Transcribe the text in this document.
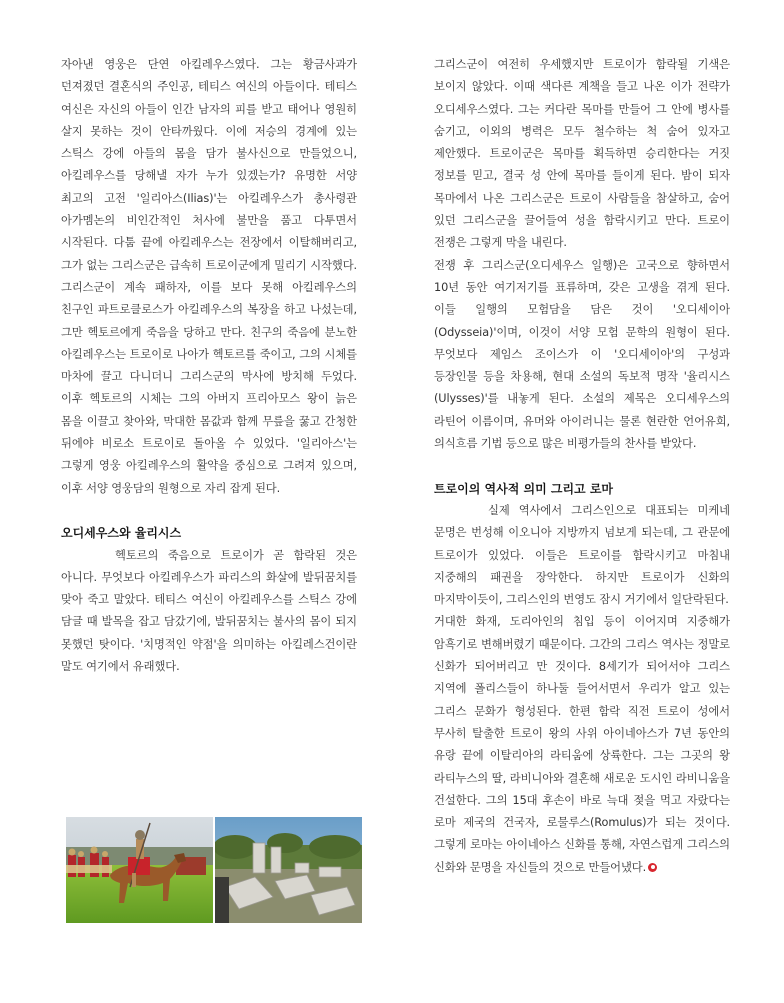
자아낸 영웅은 단연 아킬레우스였다. 그는 황금사과가 던져졌던 결혼식의 주인공, 테티스 여신의 아들이다. 테티스 여신은 자신의 아들이 인간 남자의 피를 받고 태어나 영원히 살지 못하는 것이 안타까웠다. 이에 저승의 경계에 있는 스틱스 강에 아들의 몸을 담가 불사신으로 만들었으니, 아킬레우스를 당해낼 자가 누가 있겠는가? 유명한 서양 최고의 고전 '일리아스(Ilias)'는 아킬레우스가 총사령관 아가멤논의 비인간적인 처사에 불만을 품고 다투면서 시작된다. 다툼 끝에 아킬레우스는 전장에서 이탈해버리고, 그가 없는 그리스군은 급속히 트로이군에게 밀리기 시작했다. 그리스군이 계속 패하자, 이를 보다 못해 아킬레우스의 친구인 파트로클로스가 아킬레우스의 복장을 하고 나섰는데, 그만 헥토르에게 죽음을 당하고 만다. 친구의 죽음에 분노한 아킬레우스는 트로이로 나아가 헥토르를 죽이고, 그의 시체를 마차에 끌고 다니더니 그리스군의 막사에 방치해 두었다. 이후 헥토르의 시체는 그의 아버지 프리아모스 왕이 늙은 몸을 이끌고 찾아와, 막대한 몸값과 함께 무릎을 꿇고 간청한 뒤에야 비로소 트로이로 돌아올 수 있었다. '일리아스'는 그렇게 영웅 아킬레우스의 활약을 중심으로 그려져 있으며, 이후 서양 영웅담의 원형으로 자리 잡게 된다.

오디세우스와 율리시스

헥토르의 죽음으로 트로이가 곧 함락된 것은 아니다. 무엇보다 아킬레우스가 파리스의 화살에 발뒤꿈치를 맞아 죽고 말았다. 테티스 여신이 아킬레우스를 스틱스 강에 담글 때 발목을 잡고 담갔기에, 발뒤꿈치는 불사의 몸이 되지 못했던 탓이다. '치명적인 약점'을 의미하는 아킬레스건이란 말도 여기에서 유래했다.

그리스군이 여전히 우세했지만 트로이가 함락될 기색은 보이지 않았다. 이때 색다른 계책을 들고 나온 이가 전략가 오디세우스였다. 그는 커다란 목마를 만들어 그 안에 병사를 숨기고, 이외의 병력은 모두 철수하는 척 숨어 있자고 제안했다. 트로이군은 목마를 획득하면 승리한다는 거짓 정보를 믿고, 결국 성 안에 목마를 들이게 된다. 밤이 되자 목마에서 나온 그리스군은 트로이 사람들을 참살하고, 숨어 있던 그리스군을 끌어들여 성을 함락시키고 만다. 트로이 전쟁은 그렇게 막을 내린다.

전쟁 후 그리스군(오디세우스 일행)은 고국으로 향하면서 10년 동안 여기저기를 표류하며, 갖은 고생을 겪게 된다. 이들 일행의 모험담을 담은 것이 '오디세이아(Odysseia)'이며, 이것이 서양 모험 문학의 원형이 된다. 무엇보다 제임스 조이스가 이 '오디세이아'의 구성과 등장인물 등을 차용해, 현대 소설의 독보적 명작 '율리시스(Ulysses)'를 내놓게 된다. 소설의 제목은 오디세우스의 라틴어 이름이며, 유머와 아이러니는 물론 현란한 언어유희, 의식흐름 기법 등으로 많은 비평가들의 찬사를 받았다.

트로이의 역사적 의미 그리고 로마

실제 역사에서 그리스인으로 대표되는 미케네 문명은 번성해 이오니아 지방까지 넘보게 되는데, 그 관문에 트로이가 있었다. 이들은 트로이를 함락시키고 마침내 지중해의 패권을 장악한다. 하지만 트로이가 신화의 마지막이듯이, 그리스인의 번영도 잠시 거기에서 일단락된다.

거대한 화재, 도리아인의 침입 등이 이어지며 지중해가 암흑기로 변해버렸기 때문이다. 그간의 그리스 역사는 정말로 신화가 되어버리고 만 것이다. 8세기가 되어서야 그리스 지역에 폴리스들이 하나둘 들어서면서 우리가 알고 있는 그리스 문화가 형성된다. 한편 함락 직전 트로이 성에서 무사히 탈출한 트로이 왕의 사위 아이네아스가 7년 동안의 유랑 끝에 이탈리아의 라티움에 상륙한다. 그는 그곳의 왕 라티누스의 딸, 라비니아와 결혼해 새로운 도시인 라비니움을 건설한다. 그의 15대 후손이 바로 늑대 젖을 먹고 자랐다는 로마 제국의 건국자, 로물루스(Romulus)가 되는 것이다. 그렇게 로마는 아이네아스 신화를 통해, 자연스럽게 그리스의 신화와 문명을 자신들의 것으로 만들어냈다.
